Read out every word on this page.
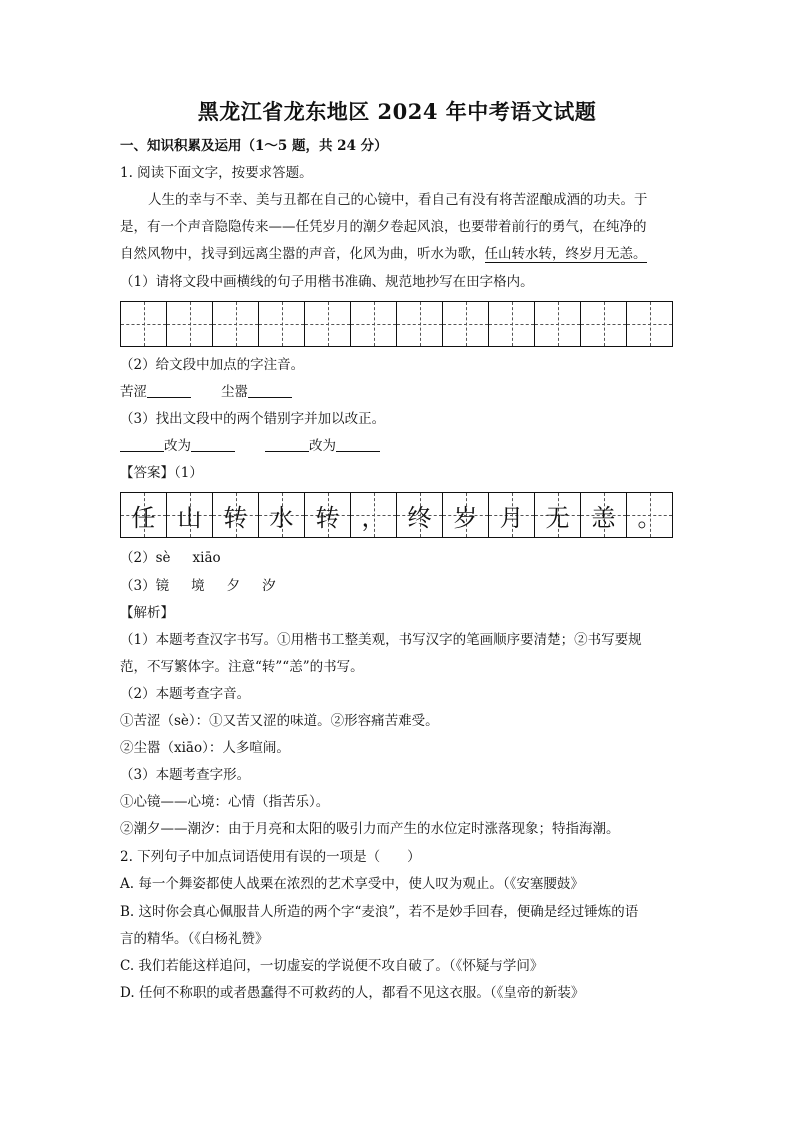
黑龙江省龙东地区 2024 年中考语文试题
一、知识积累及运用（1～5 题，共 24 分）
1. 阅读下面文字，按要求答题。
人生的幸与不幸、美与丑都在自己的心镜中，看自己有没有将苦涩酿成酒的功夫。于
是，有一个声音隐隐传来——任凭岁月的潮夕卷起风浪，也要带着前行的勇气，在纯净的
自然风物中，找寻到远离尘嚣的声音，化风为曲，听水为歌，任山转水转，终岁月无恙。
（1）请将文段中画横线的句子用楷书准确、规范地抄写在田字格内。
（2）给文段中加点的字注音。
苦涩	尘嚣
（3）找出文段中的两个错别字并加以改正。
改为	改为
【答案】（1）
任 山 转 水 转 ， 终 岁 月 无 恙 。
（2）sè xiāo
（3）镜 境 夕 汐
【解析】
（1）本题考查汉字书写。①用楷书工整美观，书写汉字的笔画顺序要清楚；②书写要规
范，不写繁体字。注意“转”“恙”的书写。
（2）本题考查字音。
①苦涩（sè）：①又苦又涩的味道。②形容痛苦难受。
②尘嚣（xiāo）：人多喧闹。
（3）本题考查字形。
①心镜——心境：心情（指苦乐）。
②潮夕——潮汐：由于月亮和太阳的吸引力而产生的水位定时涨落现象；特指海潮。
2. 下列句子中加点词语使用有误的一项是（　　）
A. 每一个舞姿都使人战栗在浓烈的艺术享受中，使人叹为观止。（《安塞腰鼓》
B. 这时你会真心佩服昔人所造的两个字“麦浪”，若不是妙手回春，便确是经过锤炼的语
言的精华。（《白杨礼赞》
C. 我们若能这样追问，一切虚妄的学说便不攻自破了。（《怀疑与学问》
D. 任何不称职的或者愚蠢得不可救药的人，都看不见这衣服。（《皇帝的新装》
